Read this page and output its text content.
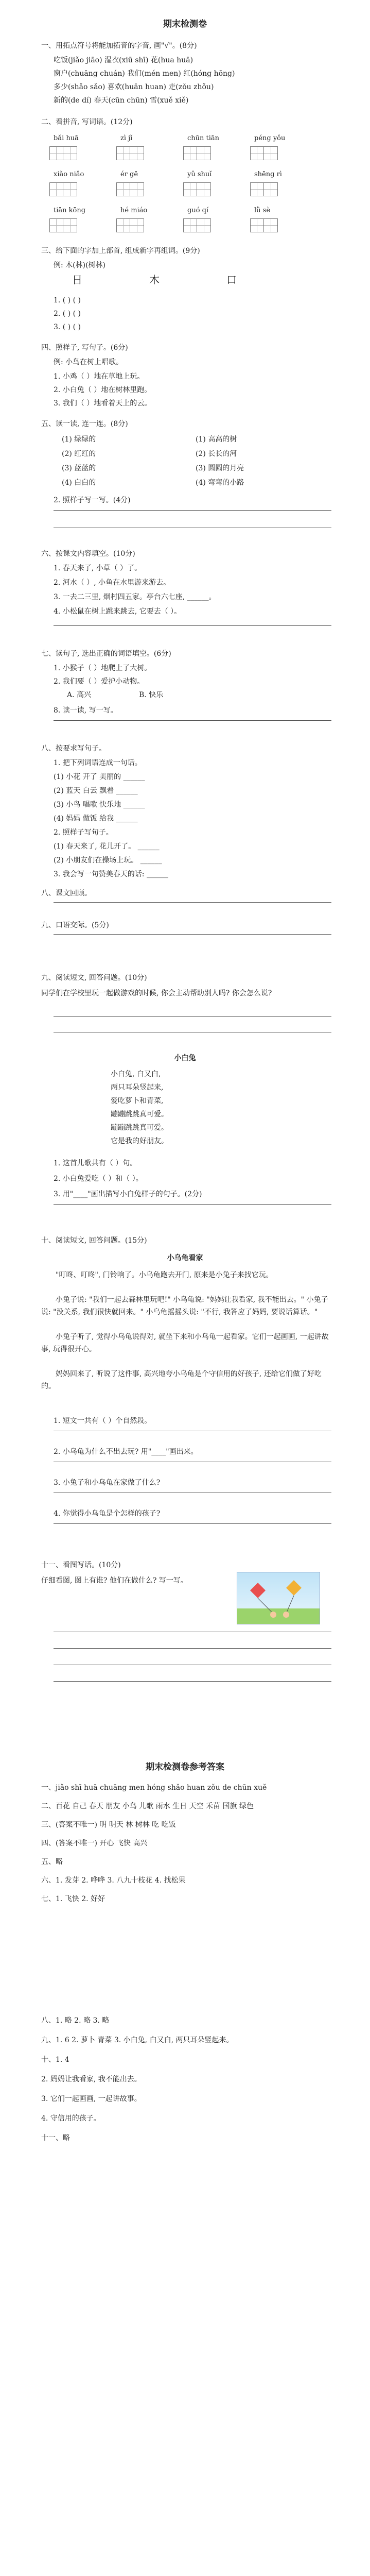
期末检测卷

一、用拓点符号将能加拓音的字音, 画"√"。(8分)

吃饭(jiǎo jiāo) 湿衣(xiū shī) 花(hua huā)

窗户(chuāng chuán) 我们(mén men) 红(hóng hōng)

多少(shǎo sǎo) 喜欢(huān huan) 走(zǒu zhǒu)

新的(de dí) 春天(cūn chūn) 雪(xuě xiě)

二、看拼音, 写词语。(12分)

bǎi huā	zì jǐ	chūn tiān	péng yǒu
xiǎo niǎo	ér gē	yǔ shuǐ	shēng rì
tiān kōng	hé miáo	guó qí	lǜ sè

三、给下面的字加上部首, 组成新字再组词。(9分)

例: 木(林)(树林)

日	木	口

1. ( ) ( )

2. ( ) ( )

3. ( ) ( )

四、照样子, 写句子。(6分)

例: 小鸟在树上唱歌。

1. 小鸡（ ）地在草地上玩。

2. 小白兔（ ）地在树林里跑。

3. 我们（ ）地看着天上的云。

五、读一读, 连一连。(8分)

(1) 绿绿的	(1) 高高的树
(2) 红红的	(2) 长长的河
(3) 蓝蓝的	(3) 圆圆的月亮
(4) 白白的	(4) 弯弯的小路

2. 照样子写一写。(4分)

六、按课文内容填空。(10分)

1. 春天来了, 小草（ ）了。

2. 河水（ ）, 小鱼在水里游来游去。

3. 一去二三里, 烟村四五家。亭台六七座, ______。

4. 小松鼠在树上跳来跳去, 它要去（ ）。

七、读句子, 选出正确的词语填空。(6分)

1. 小猴子（ ）地爬上了大树。

2. 我们要（ ）爱护小动物。

A. 高兴	B. 快乐

8. 读一读, 写一写。

八、按要求写句子。

1. 把下列词语连成一句话。

(1) 小花 开了 美丽的 ______

(2) 蓝天 白云 飘着 ______

(3) 小鸟 唱歌 快乐地 ______

(4) 妈妈 做饭 给我 ______

2. 照样子写句子。

(1) 春天来了, 花儿开了。 ______

(2) 小朋友们在操场上玩。 ______

3. 我会写一句赞美春天的话: ______

八、课文回顾。

九、口语交际。(5分)

九、阅读短文, 回答问题。(10分)

同学们在学校里玩一起做游戏的时候, 你会主动帮助别人吗? 你会怎么说?

小白兔

小白兔, 白又白,
两只耳朵竖起来,
爱吃萝卜和青菜,
蹦蹦跳跳真可爱。
蹦蹦跳跳真可爱。
它是我的好朋友。

1. 这首儿歌共有（ ）句。

2. 小白兔爱吃（ ）和（ ）。

3. 用"____"画出描写小白兔样子的句子。(2分)

十、阅读短文, 回答问题。(15分)

小乌龟看家

"叮咚、叮咚", 门铃响了。小乌龟跑去开门, 原来是小兔子来找它玩。

小兔子说: "我们一起去森林里玩吧!" 小乌龟说: "妈妈让我看家, 我不能出去。" 小兔子说: "没关系, 我们很快就回来。" 小乌龟摇摇头说: "不行, 我答应了妈妈, 要说话算话。"

小兔子听了, 觉得小乌龟说得对, 就坐下来和小乌龟一起看家。它们一起画画, 一起讲故事, 玩得很开心。

妈妈回来了, 听说了这件事, 高兴地夸小乌龟是个守信用的好孩子, 还给它们做了好吃的。

1. 短文一共有（ ）个自然段。

2. 小乌龟为什么不出去玩? 用"____"画出来。

3. 小兔子和小乌龟在家做了什么?

4. 你觉得小乌龟是个怎样的孩子?

十一、看图写话。(10分)

仔细看图, 图上有谁? 他们在做什么? 写一写。

期末检测卷参考答案

一、jiǎo shī huā chuāng men hóng shǎo huan zǒu de chūn xuě

二、百花 自己 春天 朋友 小鸟 儿歌 雨水 生日 天空 禾苗 国旗 绿色

三、(答案不唯一) 明 明天 林 树林 吃 吃饭

四、(答案不唯一) 开心 飞快 高兴

五、略

六、1. 发芽 2. 哗哗 3. 八九十枝花 4. 找松果

七、1. 飞快 2. 好好

八、1. 略 2. 略 3. 略

九、1. 6 2. 萝卜 青菜 3. 小白兔, 白又白, 两只耳朵竖起来。

十、1. 4

2. 妈妈让我看家, 我不能出去。

3. 它们一起画画, 一起讲故事。

4. 守信用的孩子。

十一、略
